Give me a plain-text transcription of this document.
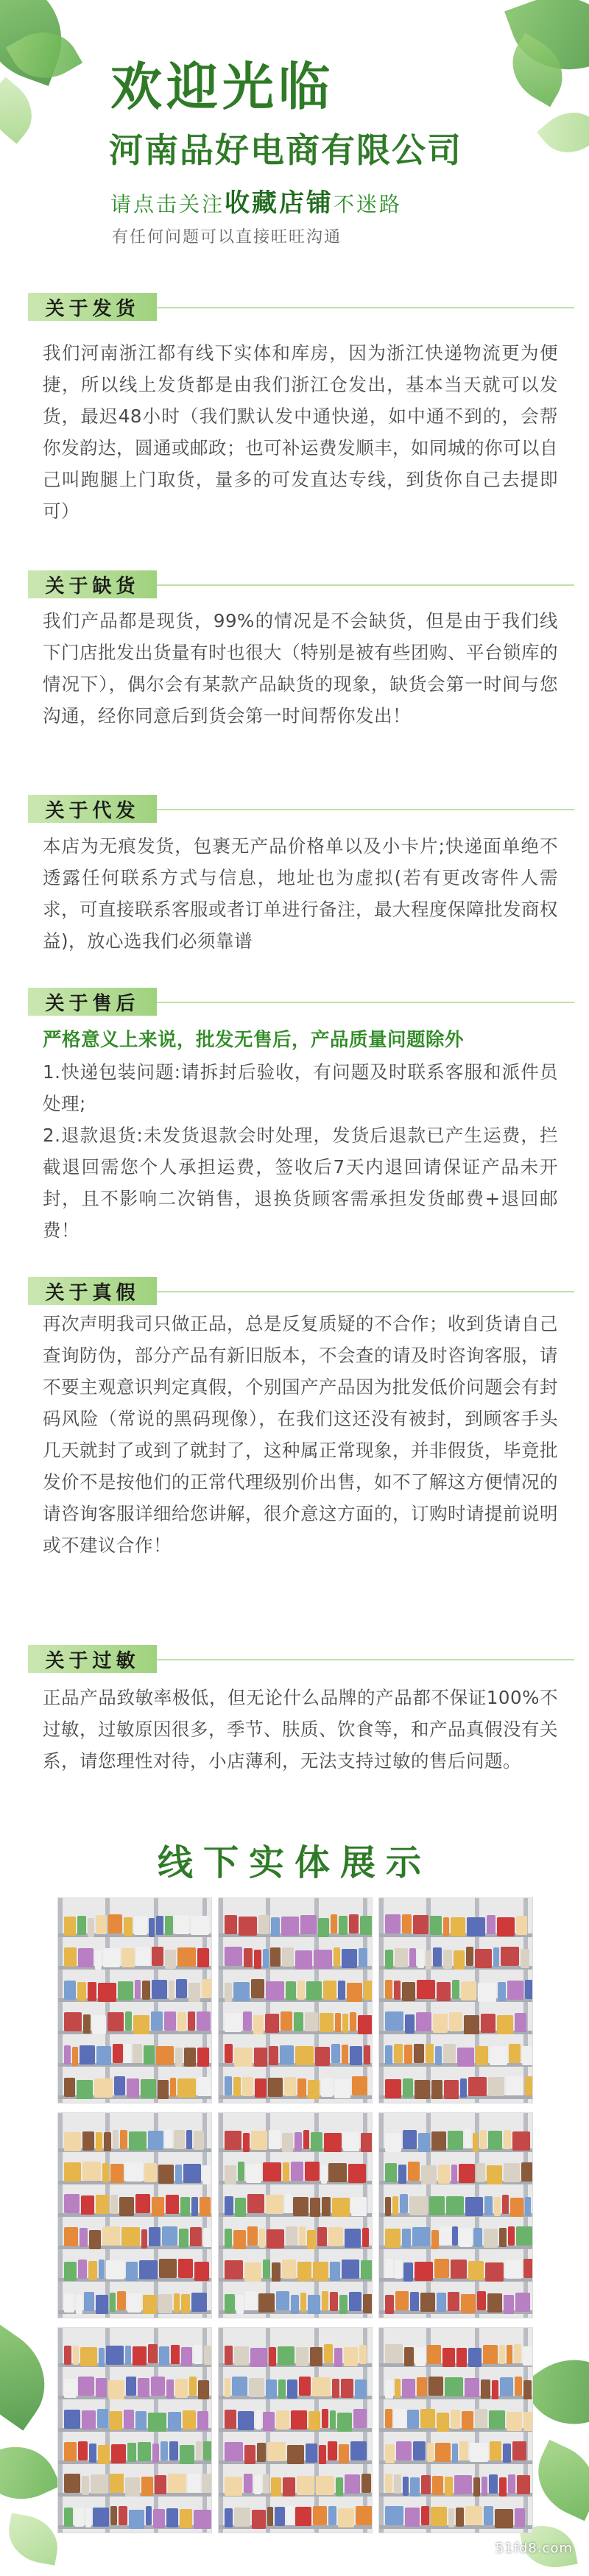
欢迎光临
河南品好电商有限公司
请点击关注收藏店铺不迷路
有任何问题可以直接旺旺沟通
关于发货

我们河南浙江都有线下实体和库房，因为浙江快递物流更为便捷，所以线上发货都是由我们浙江仓发出，基本当天就可以发货，最迟48小时（我们默认发中通快递，如中通不到的，会帮你发韵达，圆通或邮政；也可补运费发顺丰，如同城的你可以自己叫跑腿上门取货，量多的可发直达专线，到货你自己去提即可）

关于缺货

我们产品都是现货，99%的情况是不会缺货，但是由于我们线下门店批发出货量有时也很大（特别是被有些团购、平台锁库的情况下），偶尔会有某款产品缺货的现象，缺货会第一时间与您沟通，经你同意后到货会第一时间帮你发出！

关于代发

本店为无痕发货，包裹无产品价格单以及小卡片;快递面单绝不透露任何联系方式与信息，地址也为虚拟(若有更改寄件人需求，可直接联系客服或者订单进行备注，最大程度保障批发商权益)，放心选我们必须靠谱

关于售后

严格意义上来说，批发无售后，产品质量问题除外

1.快递包装问题:请拆封后验收，有问题及时联系客服和派件员处理;

2.退款退货:未发货退款会时处理，发货后退款已产生运费，拦截退回需您个人承担运费，签收后7天内退回请保证产品未开封，且不影响二次销售，退换货顾客需承担发货邮费+退回邮费！

关于真假

再次声明我司只做正品，总是反复质疑的不合作；收到货请自己查询防伪，部分产品有新旧版本，不会查的请及时咨询客服，请不要主观意识判定真假，个别国产产品因为批发低价问题会有封码风险（常说的黑码现像），在我们这还没有被封，到顾客手头几天就封了或到了就封了，这种属正常现象，并非假货，毕竟批发价不是按他们的正常代理级别价出售，如不了解这方便情况的请咨询客服详细给您讲解，很介意这方面的，订购时请提前说明或不建议合作！

关于过敏

正品产品致敏率极低，但无论什么品牌的产品都不保证100%不过敏，过敏原因很多，季节、肤质、饮食等，和产品真假没有关系，请您理性对待，小店薄利，无法支持过敏的售后问题。

线下实体展示
51fd8.com
